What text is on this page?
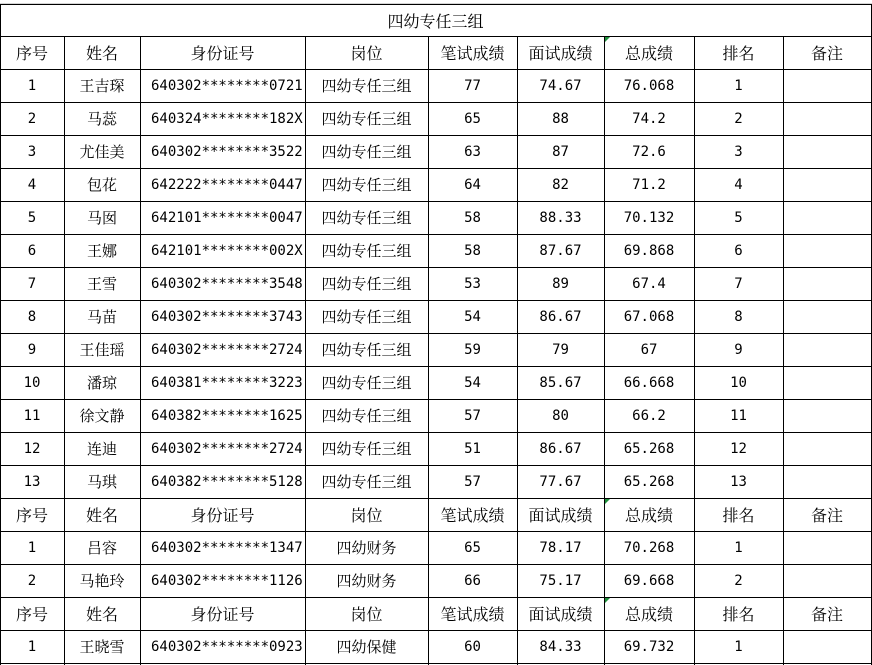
四幼专任三组
序号	姓名	身份证号	岗位	笔试成绩	面试成绩	总成绩	排名	备注
1	王吉琛	640302********0721	四幼专任三组	77	74.67	76.068	1
2	马蕊	640324********182X	四幼专任三组	65	88	74.2	2
3	尤佳美	640302********3522	四幼专任三组	63	87	72.6	3
4	包花	642222********0447	四幼专任三组	64	82	71.2	4
5	马囡	642101********0047	四幼专任三组	58	88.33	70.132	5
6	王娜	642101********002X	四幼专任三组	58	87.67	69.868	6
7	王雪	640302********3548	四幼专任三组	53	89	67.4	7
8	马苗	640302********3743	四幼专任三组	54	86.67	67.068	8
9	王佳瑶	640302********2724	四幼专任三组	59	79	67	9
10	潘琼	640381********3223	四幼专任三组	54	85.67	66.668	10
11	徐文静	640382********1625	四幼专任三组	57	80	66.2	11
12	连迪	640302********2724	四幼专任三组	51	86.67	65.268	12
13	马琪	640382********5128	四幼专任三组	57	77.67	65.268	13
序号	姓名	身份证号	岗位	笔试成绩	面试成绩	总成绩	排名	备注
1	吕容	640302********1347	四幼财务	65	78.17	70.268	1
2	马艳玲	640302********1126	四幼财务	66	75.17	69.668	2
序号	姓名	身份证号	岗位	笔试成绩	面试成绩	总成绩	排名	备注
1	王晓雪	640302********0923	四幼保健	60	84.33	69.732	1
